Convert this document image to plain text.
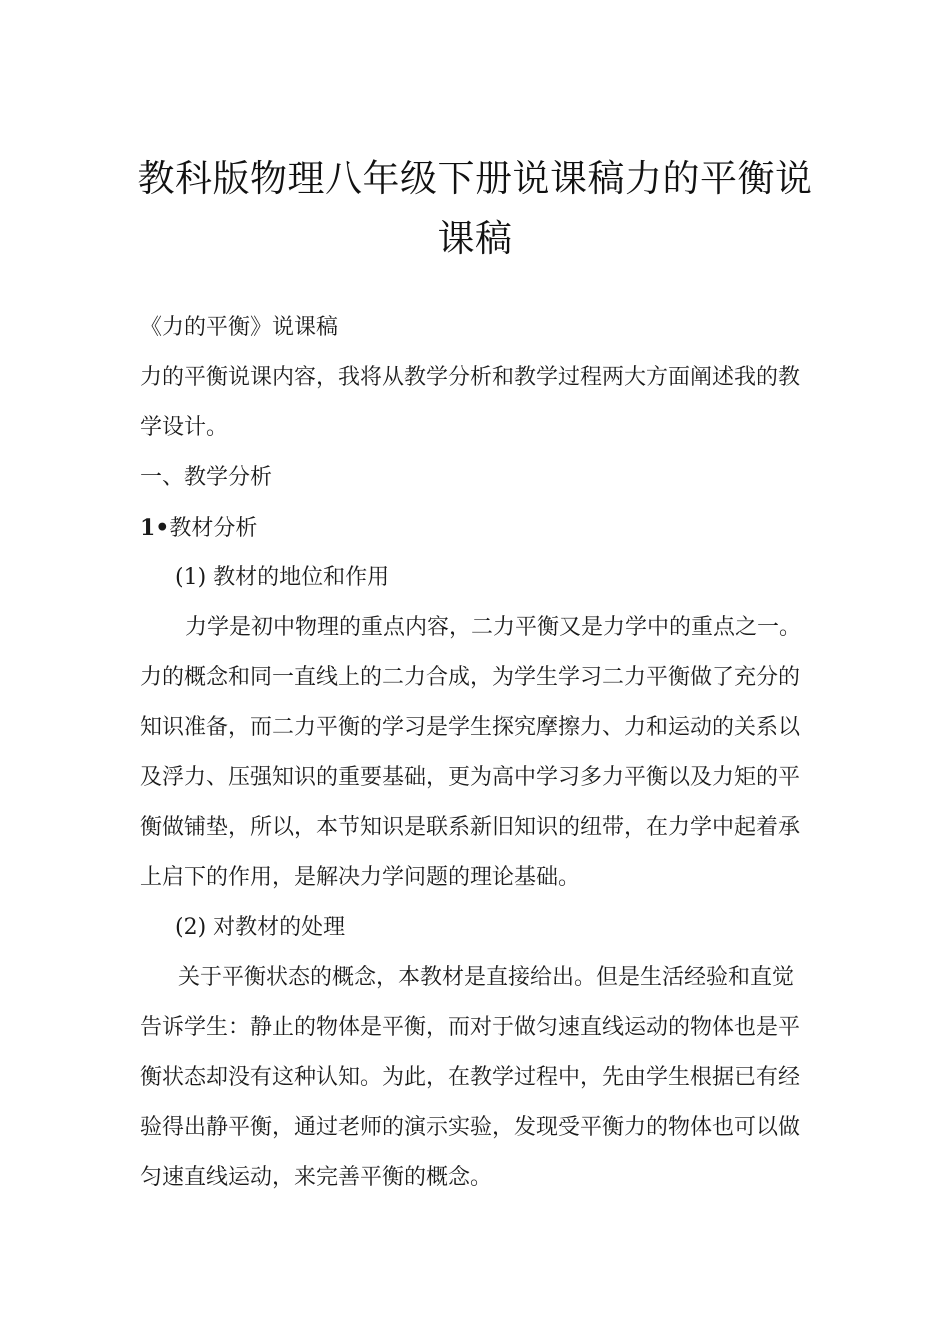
教科版物理八年级下册说课稿力的平衡说
课稿
《力的平衡》说课稿
力的平衡说课内容，我将从教学分析和教学过程两大方面阐述我的教
学设计。
一、教学分析
1•教材分析
(1) 教材的地位和作用
力学是初中物理的重点内容，二力平衡又是力学中的重点之一。
力的概念和同一直线上的二力合成，为学生学习二力平衡做了充分的
知识准备，而二力平衡的学习是学生探究摩擦力、力和运动的关系以
及浮力、压强知识的重要基础，更为高中学习多力平衡以及力矩的平
衡做铺垫，所以，本节知识是联系新旧知识的纽带，在力学中起着承
上启下的作用，是解决力学问题的理论基础。
(2) 对教材的处理
关于平衡状态的概念，本教材是直接给出。但是生活经验和直觉
告诉学生：静止的物体是平衡，而对于做匀速直线运动的物体也是平
衡状态却没有这种认知。为此，在教学过程中，先由学生根据已有经
验得出静平衡，通过老师的演示实验，发现受平衡力的物体也可以做
匀速直线运动，来完善平衡的概念。
